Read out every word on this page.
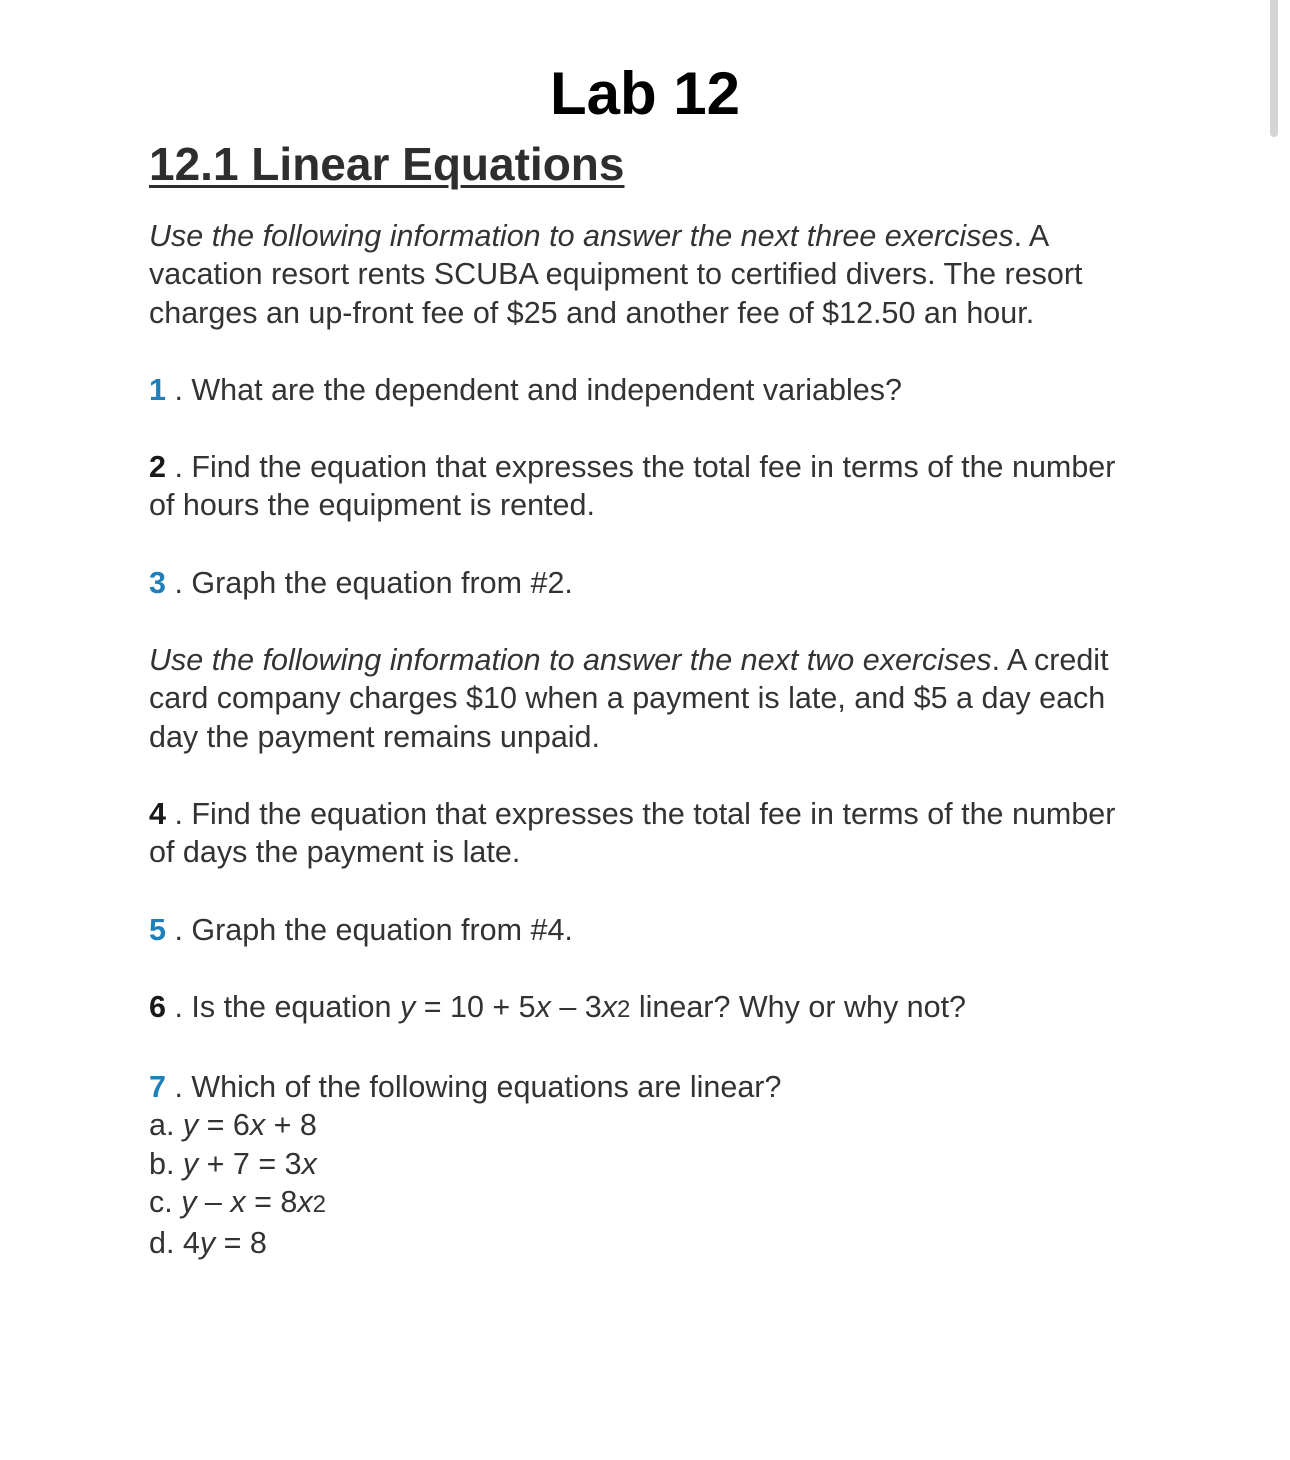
Lab 12
12.1 Linear Equations

Use the following information to answer the next three exercises. A vacation resort rents SCUBA equipment to certified divers. The resort charges an up-front fee of $25 and another fee of $12.50 an hour.

1 . What are the dependent and independent variables?

2 . Find the equation that expresses the total fee in terms of the number of hours the equipment is rented.

3 . Graph the equation from #2.

Use the following information to answer the next two exercises. A credit card company charges $10 when a payment is late, and $5 a day each day the payment remains unpaid.

4 . Find the equation that expresses the total fee in terms of the number of days the payment is late.

5 . Graph the equation from #4.

6 . Is the equation y = 10 + 5x – 3x2 linear? Why or why not?

7 . Which of the following equations are linear?

a. y = 6x + 8

b. y + 7 = 3x

c. y – x = 8x2

d. 4y = 8
